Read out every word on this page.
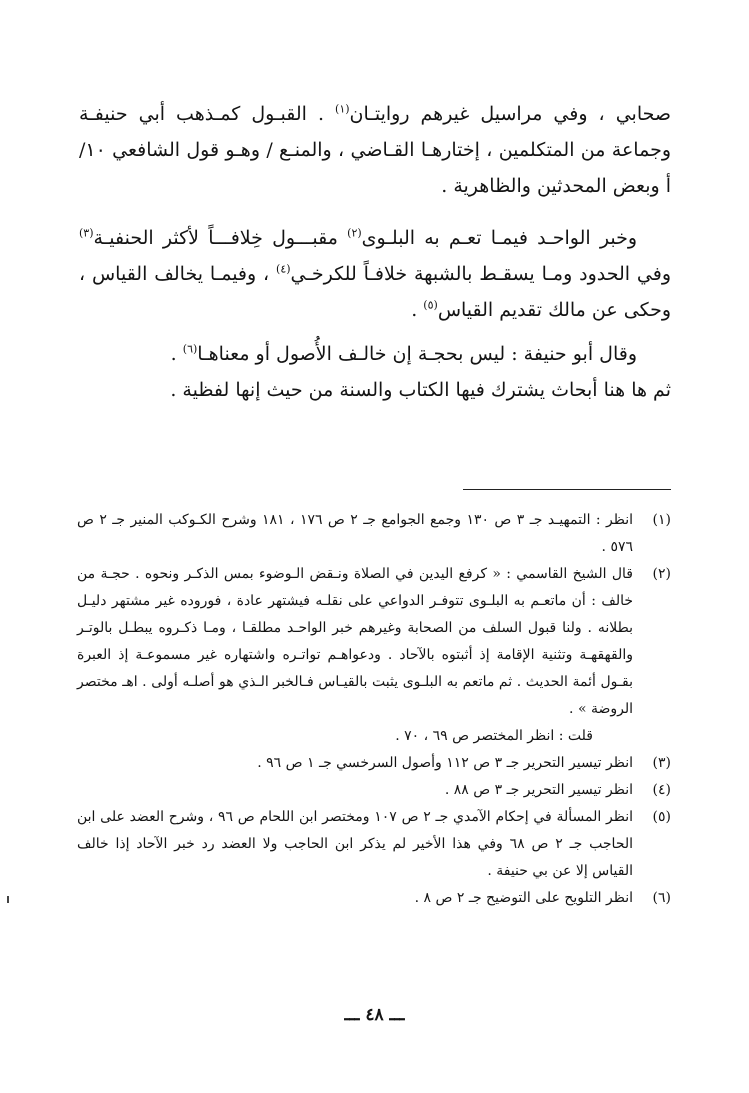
صحابي ، وفي مراسيل غيرهم روايتـان$^{(١)}$ . القبـول كمـذهب أبي حنيفـة وجماعة من المتكلمين ، إختارهـا القـاضي ، والمنـع / وهـو قول الشافعي ١٠/أ وبعض المحدثين والظاهرية .

وخبر الواحـد فيمـا تعـم به البلـوى$^{(٢)}$ مقبـــول خِلافـــاً لأكثر الحنفيـة$^{(٣)}$ وفي الحدود ومـا يسقـط بالشبهة خلافـاً للكرخـي$^{(٤)}$ ، وفيمـا يخالف القياس ، وحكى عن مالك تقديم القياس$^{(٥)}$ .

وقال أبو حنيفة : ليس بحجـة إن خالـف الأُصول أو معناهـا$^{(٦)}$ .

ثم ها هنا أبحاث يشترك فيها الكتاب والسنة من حيث إنها لفظية .

(١)

انظر : التمهيـد جـ ٣ ص ١٣٠ وجمع الجوامع جـ ٢ ص ١٧٦ ، ١٨١ وشرح الكـوكب المنير جـ ٢ ص ٥٧٦ .

(٢)

قال الشيخ القاسمي : « كرفع اليدين في الصلاة ونـقض الـوضوء بمس الذكـر ونحوه . حجـة من خالف : أن ماتعـم به البلـوى تتوفـر الدواعي على نقلـه فيشتهر عادة ، فوروده غير مشتهر دليـل بطلانه . ولنا قبول السلف من الصحابة وغيرهم خبر الواحـد مطلقـا ، ومـا ذكـروه يبطـل بالوتـر والقهقهـة وتثنية الإقامة إذ أثبتوه بالآحاد . ودعواهـم تواتـره واشتهاره غير مسموعـة إذ العبرة بقـول أئمة الحديث . ثم ماتعم به البلـوى يثبت بالقيـاس فـالخبر الـذي هو أصلـه أولى . اهـ مختصر الروضة » .

قلت : انظر المختصر ص ٦٩ ، ٧٠ .

(٣)

انظر تيسير التحرير جـ ٣ ص ١١٢ وأصول السرخسي جـ ١ ص ٩٦ .

(٤)

انظر تيسير التحرير جـ ٣ ص ٨٨ .

(٥)

انظر المسألة في إحكام الآمدي جـ ٢ ص ١٠٧ ومختصر ابن اللحام ص ٩٦ ، وشرح العضد على ابن الحاجب جـ ٢ ص ٦٨ وفي هذا الأخير لم يذكر ابن الحاجب ولا العضد رد خبر الآحاد إذا خالف القياس إلا عن بي حنيفة .

(٦)

انظر التلويح على التوضيح جـ ٢ ص ٨ .

ـــ ٤٨ ـــ
